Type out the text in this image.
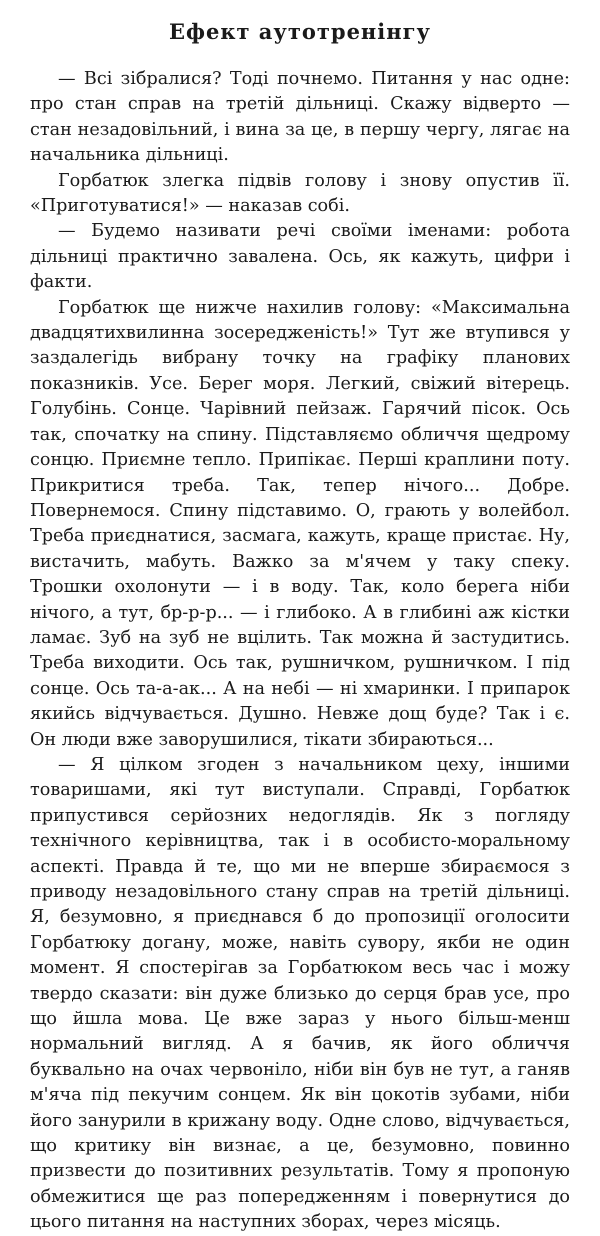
Ефект аутотренінгу

— Всі зібралися? Тоді почнемо. Питання у нас одне: про стан справ на третій дільниці. Скажу відверто — стан незадовільний, і вина за це, в першу чергу, лягає на начальника дільниці.

Горбатюк злегка підвів голову і знову опустив її. «Приготуватися!» — наказав собі.

— Будемо називати речі своїми іменами: робота дільниці практично завалена. Ось, як кажуть, цифри і факти.

Горбатюк ще нижче нахилив голову: «Максимальна двадцятихвилинна зосередженість!» Тут же втупився у заздалегідь вибрану точку на графіку планових показників. Усе. Берег моря. Легкий, свіжий вітерець. Голубінь. Сонце. Чарівний пейзаж. Гарячий пісок. Ось так, спочатку на спину. Підставляємо обличчя щедрому сонцю. Приємне тепло. Припікає. Перші краплини поту. Прикритися треба. Так, тепер нічого... Добре. Повернемося. Спину підставимо. О, грають у волейбол. Треба приєднатися, засмага, кажуть, краще пристає. Ну, вистачить, мабуть. Важко за м'ячем у таку спеку. Трошки охолонути — і в воду. Так, коло берега ніби нічого, а тут, бр-р-р... — і глибоко. А в глибині аж кістки ламає. Зуб на зуб не вцілить. Так можна й застудитись. Треба виходити. Ось так, рушничком, рушничком. І під сонце. Ось та-а-ак... А на небі — ні хмаринки. І припарок якийсь відчувається. Душно. Невже дощ буде? Так і є. Он люди вже заворушилися, тікати збираються...

— Я цілком згоден з начальником цеху, іншими товаришами, які тут виступали. Справді, Горбатюк припустився серйозних недоглядів. Як з погляду технічного керівництва, так і в особисто-моральному аспекті. Правда й те, що ми не вперше збираємося з приводу незадовільного стану справ на третій дільниці. Я, безумовно, я приєднався б до пропозиції оголосити Горбатюку догану, може, навіть сувору, якби не один момент. Я спостерігав за Горбатюком весь час і можу твердо сказати: він дуже близько до серця брав усе, про що йшла мова. Це вже зараз у нього більш-менш нормальний вигляд. А я бачив, як його обличчя буквально на очах червоніло, ніби він був не тут, а ганяв м'яча під пекучим сонцем. Як він цокотів зубами, ніби його занурили в крижану воду. Одне слово, відчувається, що критику він визнає, а це, безумовно, повинно призвести до позитивних результатів. Тому я пропоную обмежитися ще раз попередженням і повернутися до цього питання на наступних зборах, через місяць.
